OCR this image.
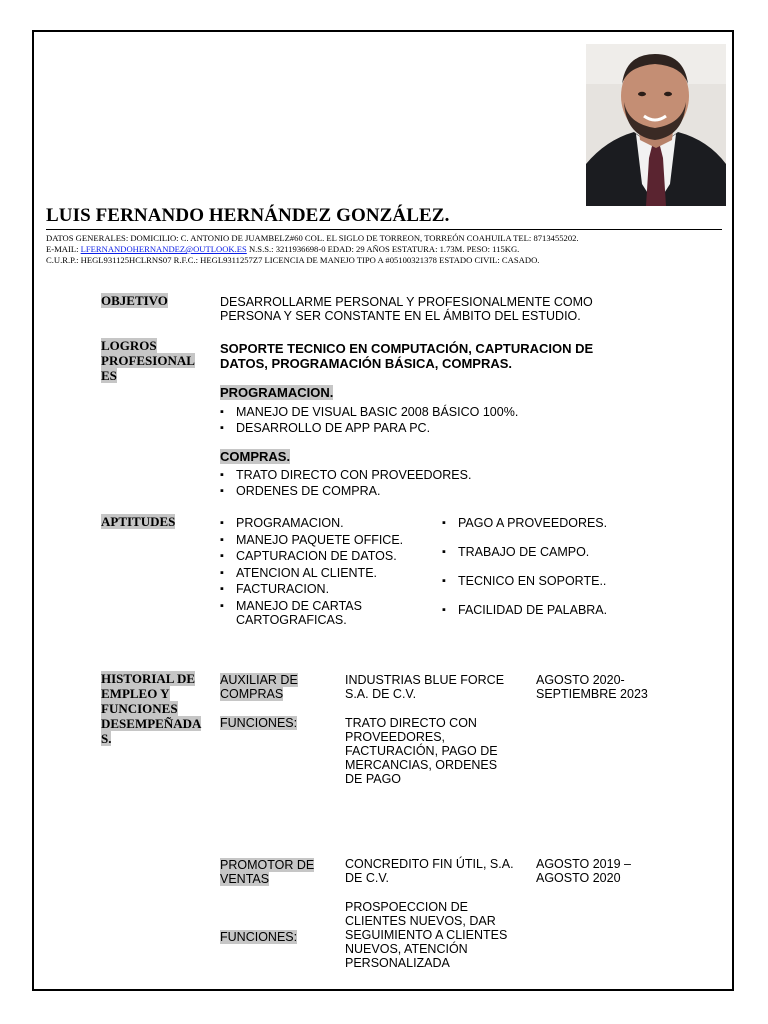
LUIS FERNANDO HERNÁNDEZ GONZÁLEZ.
DATOS GENERALES: DOMICILIO: C. ANTONIO DE JUAMBELZ#60 COL. EL SIGLO DE TORREON, TORREÓN COAHUILA TEL: 8713455202.
E-MAIL: LFERNANDOHERNANDEZ@OUTLOOK.ES N.S.S.: 3211936698-0 EDAD: 29 AÑOS ESTATURA: 1.73M. PESO: 115KG.
C.U.R.P.: HEGL931125HCLRNS07 R.F.C.: HEGL9311257Z7 LICENCIA DE MANEJO TIPO A #05100321378 ESTADO CIVIL: CASADO.
OBJETIVO	DESARROLLARME PERSONAL Y PROFESIONALMENTE COMO PERSONA Y SER CONSTANTE EN EL ÁMBITO DEL ESTUDIO.
LOGROS
PROFESIONAL
ES
SOPORTE TECNICO EN COMPUTACIÓN, CAPTURACION DE DATOS, PROGRAMACIÓN BÁSICA, COMPRAS.
PROGRAMACION.
▪ MANEJO DE VISUAL BASIC 2008 BÁSICO 100%.
▪ DESARROLLO DE APP PARA PC.
COMPRAS.
▪ TRATO DIRECTO CON PROVEEDORES.
▪ ORDENES DE COMPRA.
APTITUDES
▪	PROGRAMACION.
▪ MANEJO PAQUETE OFFICE.
▪ CAPTURACION DE DATOS.
▪ ATENCION AL CLIENTE.
▪ FACTURACION.
▪ MANEJO DE CARTAS CARTOGRAFICAS.
▪ PAGO A PROVEEDORES.
▪ TRABAJO DE CAMPO.
▪ TECNICO EN SOPORTE..
▪ FACILIDAD DE PALABRA.
HISTORIAL DE
EMPLEO Y
FUNCIONES
DESEMPEÑADA
S.
AUXILIAR DE
COMPRAS
INDUSTRIAS BLUE FORCE S.A. DE C.V.
AGOSTO 2020- SEPTIEMBRE 2023
FUNCIONES:	TRATO DIRECTO CON PROVEEDORES, FACTURACIÓN, PAGO DE MERCANCIAS, ORDENES DE PAGO
PROMOTOR DE
VENTAS
CONCREDITO FIN ÚTIL, S.A. DE C.V.
AGOSTO 2019 – AGOSTO 2020
FUNCIONES:
PROSPOECCION DE CLIENTES NUEVOS, DAR SEGUIMIENTO A CLIENTES NUEVOS, ATENCIÓN PERSONALIZADA
